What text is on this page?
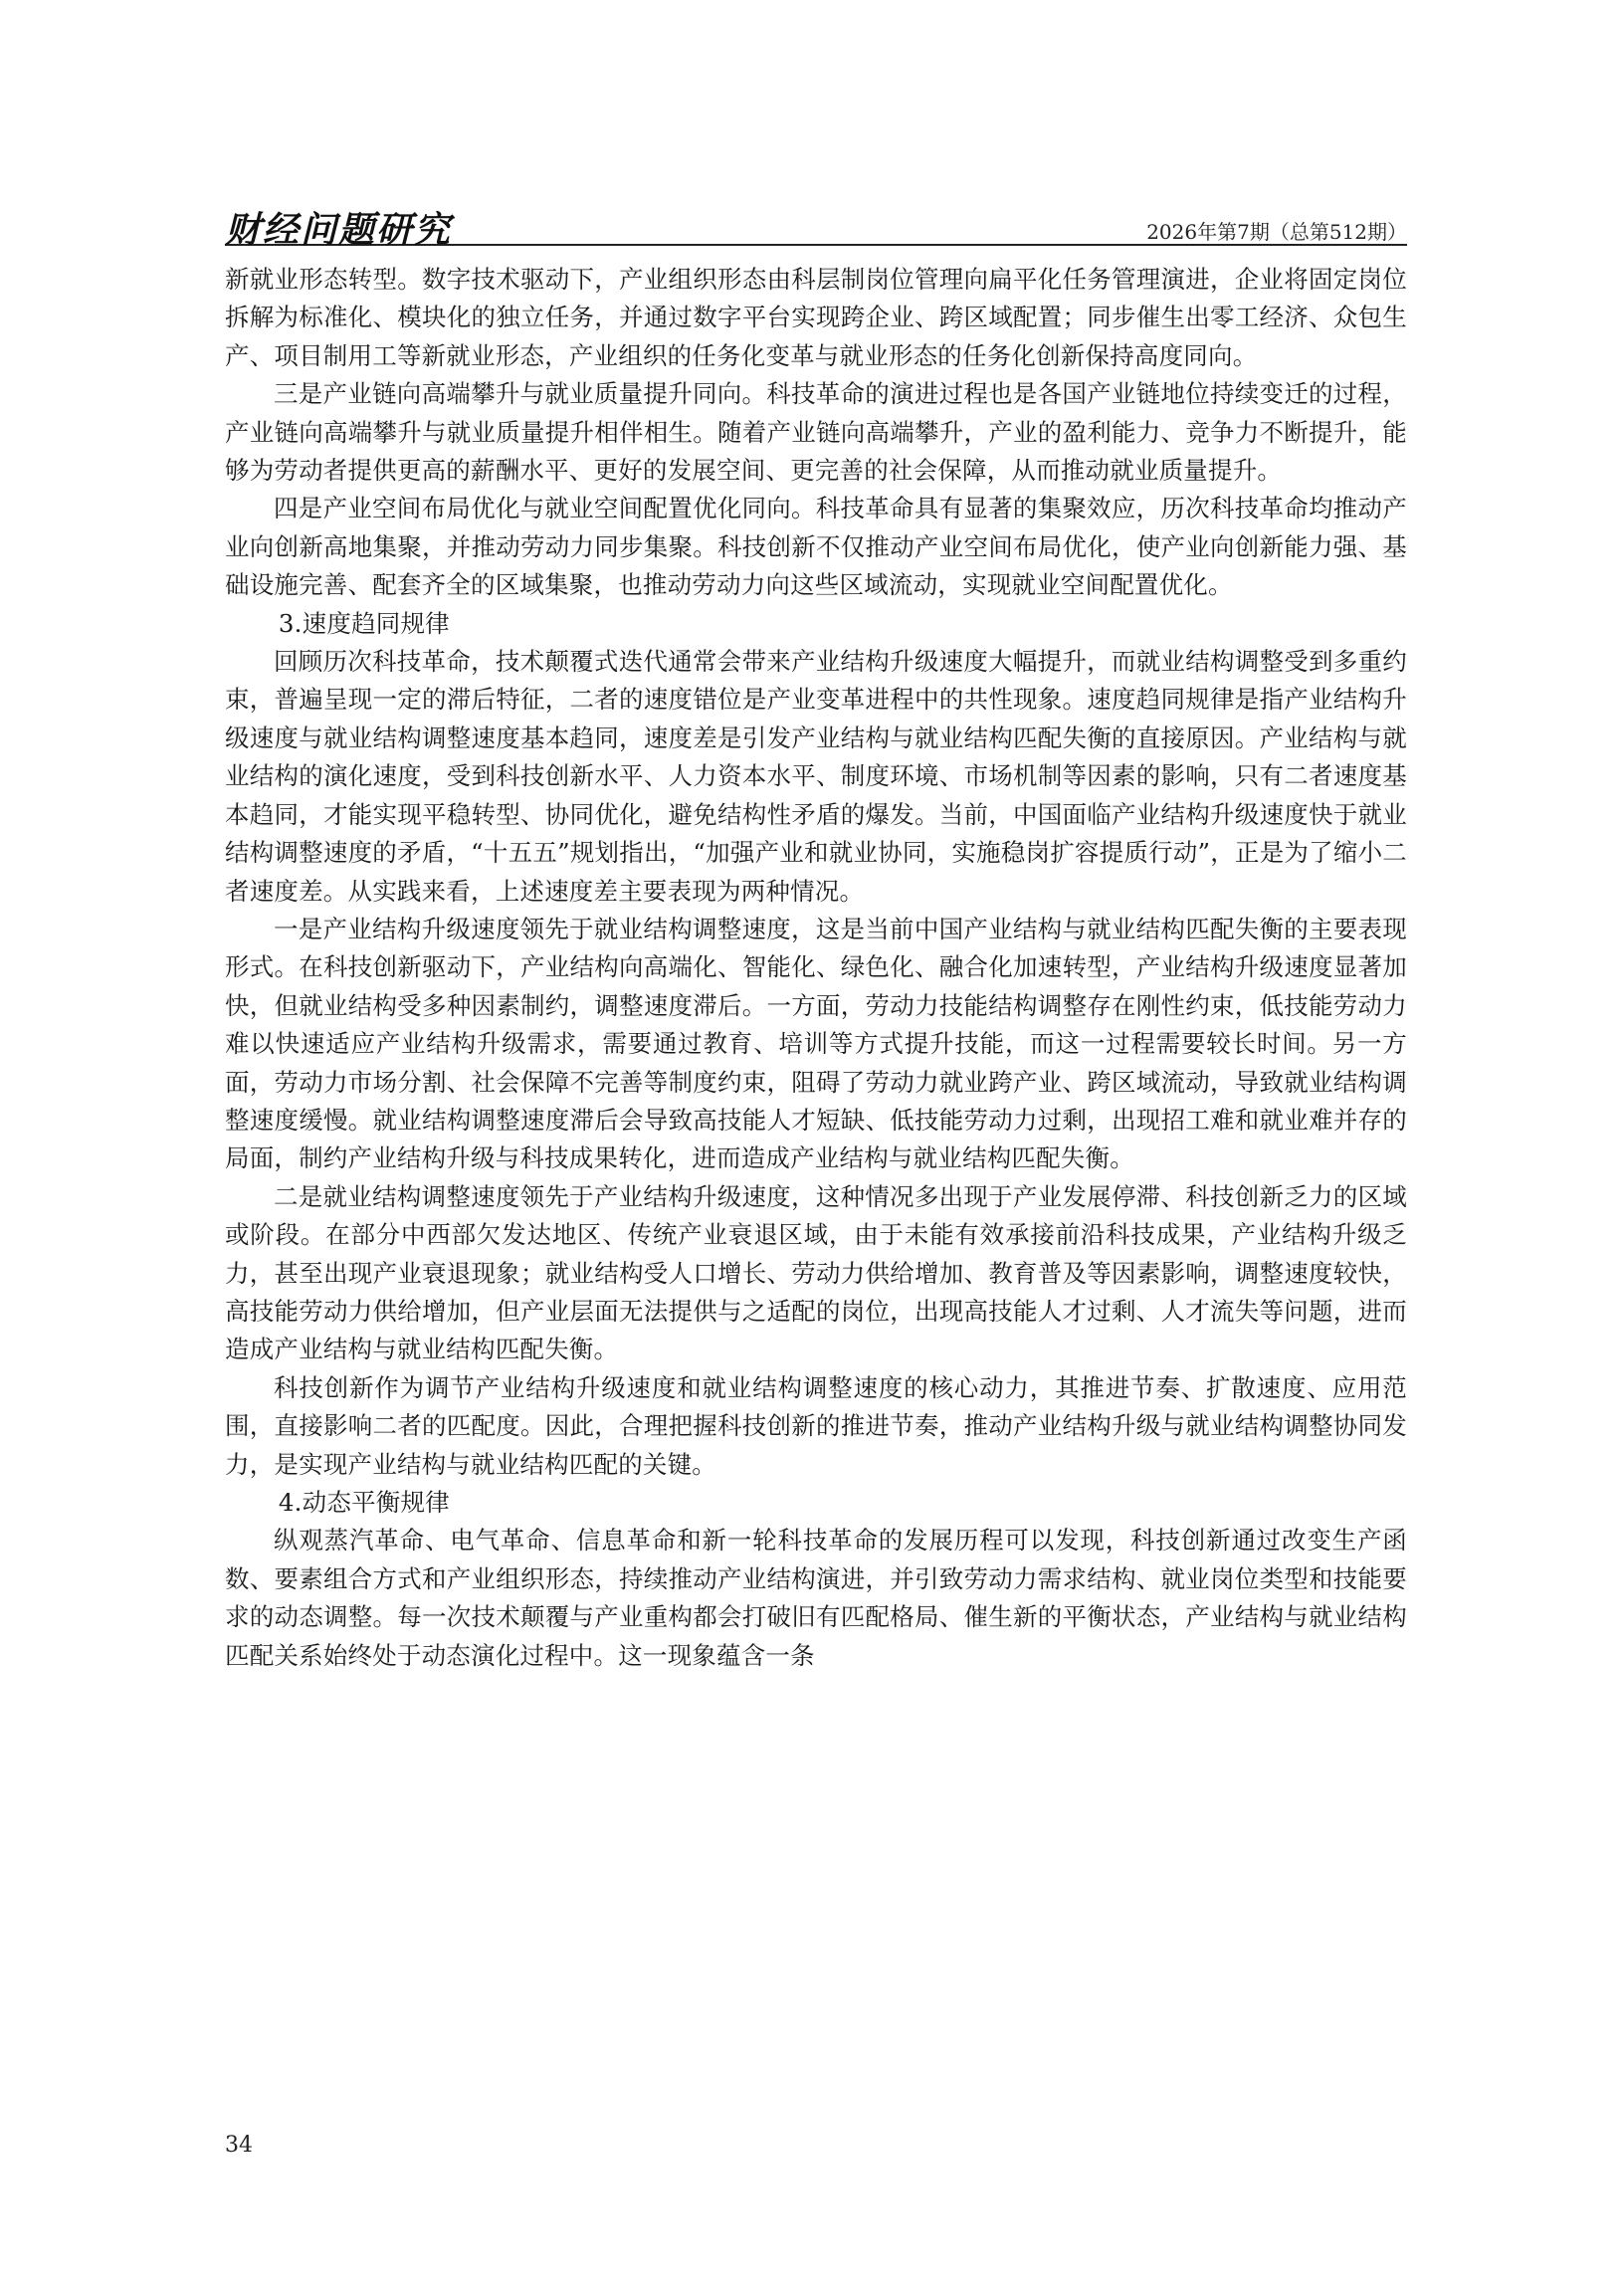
财经问题研究	2026年第7期（总第512期）

新就业形态转型。数字技术驱动下，产业组织形态由科层制岗位管理向扁平化任务管理演进，企业将固定岗位拆解为标准化、模块化的独立任务，并通过数字平台实现跨企业、跨区域配置；同步催生出零工经济、众包生产、项目制用工等新就业形态，产业组织的任务化变革与就业形态的任务化创新保持高度同向。

三是产业链向高端攀升与就业质量提升同向。科技革命的演进过程也是各国产业链地位持续变迁的过程，产业链向高端攀升与就业质量提升相伴相生。随着产业链向高端攀升，产业的盈利能力、竞争力不断提升，能够为劳动者提供更高的薪酬水平、更好的发展空间、更完善的社会保障，从而推动就业质量提升。

四是产业空间布局优化与就业空间配置优化同向。科技革命具有显著的集聚效应，历次科技革命均推动产业向创新高地集聚，并推动劳动力同步集聚。科技创新不仅推动产业空间布局优化，使产业向创新能力强、基础设施完善、配套齐全的区域集聚，也推动劳动力向这些区域流动，实现就业空间配置优化。

3.速度趋同规律

回顾历次科技革命，技术颠覆式迭代通常会带来产业结构升级速度大幅提升，而就业结构调整受到多重约束，普遍呈现一定的滞后特征，二者的速度错位是产业变革进程中的共性现象。速度趋同规律是指产业结构升级速度与就业结构调整速度基本趋同，速度差是引发产业结构与就业结构匹配失衡的直接原因。产业结构与就业结构的演化速度，受到科技创新水平、人力资本水平、制度环境、市场机制等因素的影响，只有二者速度基本趋同，才能实现平稳转型、协同优化，避免结构性矛盾的爆发。当前，中国面临产业结构升级速度快于就业结构调整速度的矛盾，“十五五”规划指出，“加强产业和就业协同，实施稳岗扩容提质行动”，正是为了缩小二者速度差。从实践来看，上述速度差主要表现为两种情况。

一是产业结构升级速度领先于就业结构调整速度，这是当前中国产业结构与就业结构匹配失衡的主要表现形式。在科技创新驱动下，产业结构向高端化、智能化、绿色化、融合化加速转型，产业结构升级速度显著加快，但就业结构受多种因素制约，调整速度滞后。一方面，劳动力技能结构调整存在刚性约束，低技能劳动力难以快速适应产业结构升级需求，需要通过教育、培训等方式提升技能，而这一过程需要较长时间。另一方面，劳动力市场分割、社会保障不完善等制度约束，阻碍了劳动力就业跨产业、跨区域流动，导致就业结构调整速度缓慢。就业结构调整速度滞后会导致高技能人才短缺、低技能劳动力过剩，出现招工难和就业难并存的局面，制约产业结构升级与科技成果转化，进而造成产业结构与就业结构匹配失衡。

二是就业结构调整速度领先于产业结构升级速度，这种情况多出现于产业发展停滞、科技创新乏力的区域或阶段。在部分中西部欠发达地区、传统产业衰退区域，由于未能有效承接前沿科技成果，产业结构升级乏力，甚至出现产业衰退现象；就业结构受人口增长、劳动力供给增加、教育普及等因素影响，调整速度较快，高技能劳动力供给增加，但产业层面无法提供与之适配的岗位，出现高技能人才过剩、人才流失等问题，进而造成产业结构与就业结构匹配失衡。

科技创新作为调节产业结构升级速度和就业结构调整速度的核心动力，其推进节奏、扩散速度、应用范围，直接影响二者的匹配度。因此，合理把握科技创新的推进节奏，推动产业结构升级与就业结构调整协同发力，是实现产业结构与就业结构匹配的关键。

4.动态平衡规律

纵观蒸汽革命、电气革命、信息革命和新一轮科技革命的发展历程可以发现，科技创新通过改变生产函数、要素组合方式和产业组织形态，持续推动产业结构演进，并引致劳动力需求结构、就业岗位类型和技能要求的动态调整。每一次技术颠覆与产业重构都会打破旧有匹配格局、催生新的平衡状态，产业结构与就业结构匹配关系始终处于动态演化过程中。这一现象蕴含一条

34
